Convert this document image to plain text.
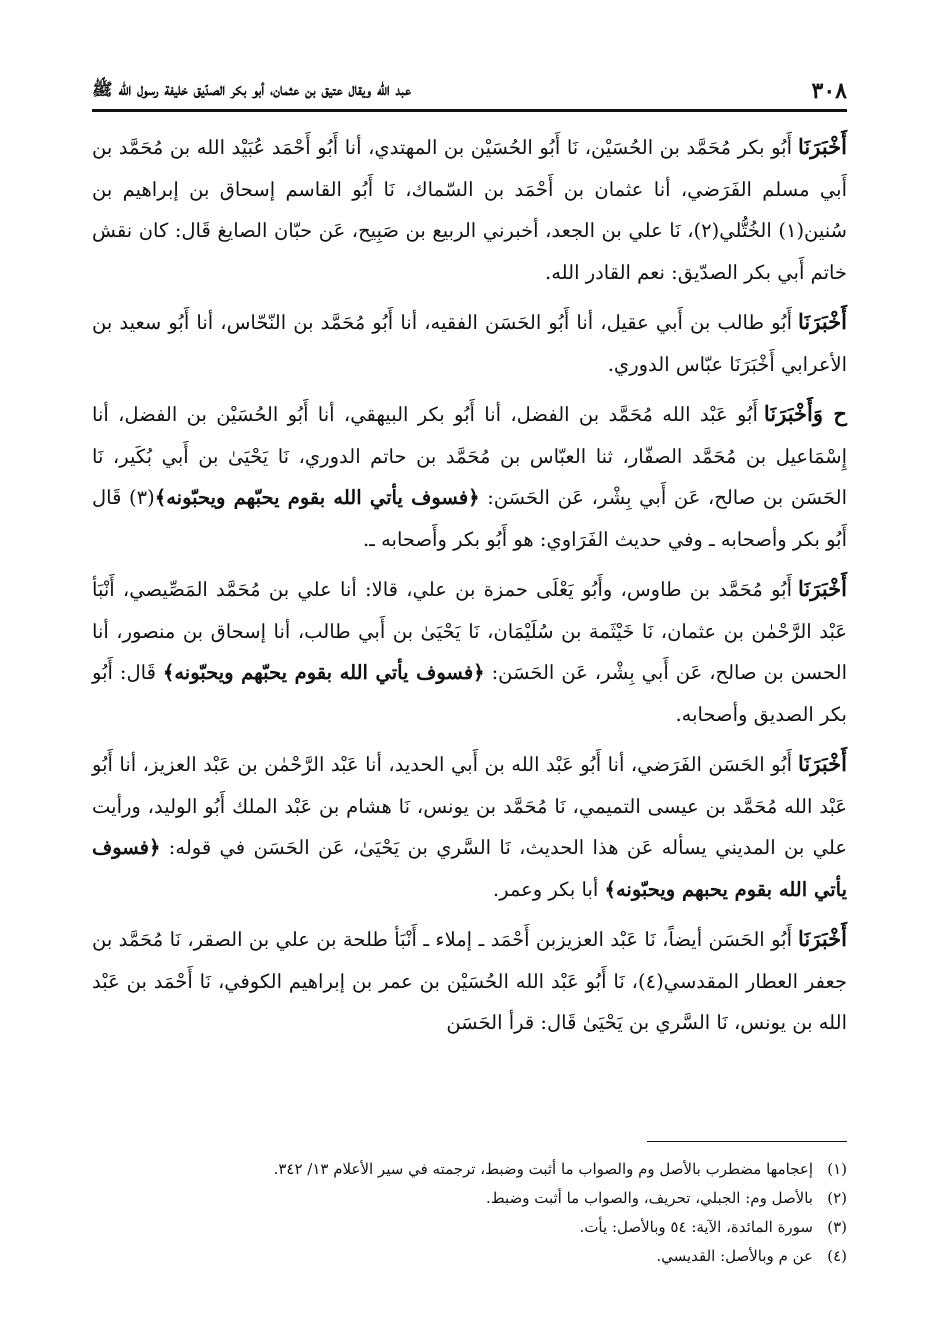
٣٠٨
عبد الله ويقال عتيق بن عثمان، أبو بكر الصدّيق خليفة رسول الله ﷺ

أَخْبَرَنَاأَبُو بكر مُحَمَّد بن الحُسَيْن، نَا أَبُو الحُسَيْن بن المهتدي، أنا أَبُو أَحْمَد عُبَيْد الله بن مُحَمَّد بن أَبي مسلم الفَرَضي، أنا عثمان بن أَحْمَد بن السّماك، نَا أَبُو القاسم إسحاق بن إبراهيم بن سُنين(١) الخُتُّلي(٢)، نَا علي بن الجعد، أخبرني الربيع بن صَبِيح، عَن حبّان الصايغ قَال: كان نقش خاتم أَبي بكر الصدّيق: نعم القادر الله.

أَخْبَرَنَاأَبُو طالب بن أَبي عقيل، أنا أَبُو الحَسَن الفقيه، أنا أَبُو مُحَمَّد بن النّحّاس، أنا أَبُو سعيد بن الأعرابي أَخْبَرَنَا عبّاس الدوري.

ح وَأَخْبَرَنَاأَبُو عَبْد الله مُحَمَّد بن الفضل، أنا أَبُو بكر البيهقي، أنا أَبُو الحُسَيْن بن الفضل، أنا إِسْمَاعيل بن مُحَمَّد الصفّار، ثنا العبّاس بن مُحَمَّد بن حاتم الدوري، نَا يَحْيَىٰ بن أَبي بُكَير، نَا الحَسَن بن صالح، عَن أَبي بِشْر، عَن الحَسَن: ﴿فسوف يأتي الله بقوم يحبّهم ويحبّونه﴾(٣) قَال أَبُو بكر وأصحابه ـ وفي حديث الفَرَاوي: هو أَبُو بكر وأَصحابه ـ.

أَخْبَرَنَاأَبُو مُحَمَّد بن طاوس، وأَبُو يَعْلَى حمزة بن علي، قالا: أنا علي بن مُحَمَّد المَصِّيصي، أَنْبَأ عَبْد الرَّحْمٰن بن عثمان، نَا خَيْثَمة بن سُلَيْمَان، نَا يَحْيَىٰ بن أَبي طالب، أنا إسحاق بن منصور، أنا الحسن بن صالح، عَن أَبي بِشْر، عَن الحَسَن: ﴿فسوف يأتي الله بقوم يحبّهم ويحبّونه﴾ قَال: أَبُو بكر الصديق وأصحابه.

أَخْبَرَنَاأَبُو الحَسَن الفَرَضي، أنا أَبُو عَبْد الله بن أَبي الحديد، أنا عَبْد الرَّحْمٰن بن عَبْد العزيز، أنا أَبُو عَبْد الله مُحَمَّد بن عيسى التميمي، نَا مُحَمَّد بن يونس، نَا هشام بن عَبْد الملك أَبُو الوليد، ورأيت علي بن المديني يسأله عَن هذا الحديث، نَا السَّري بن يَحْيَىٰ، عَن الحَسَن في قوله: ﴿فسوف يأتي الله بقوم يحبهم ويحبّونه﴾ أبا بكر وعمر.

أَخْبَرَنَاأَبُو الحَسَن أيضاً، نَا عَبْد العزيزبن أَحْمَد ـ إملاء ـ أَنْبَأ طلحة بن علي بن الصقر، نَا مُحَمَّد بن جعفر العطار المقدسي(٤)، نَا أَبُو عَبْد الله الحُسَيْن بن عمر بن إبراهيم الكوفي، نَا أَحْمَد بن عَبْد الله بن يونس، نَا السَّري بن يَحْيَىٰ قَال: قرأ الحَسَن

(١)
إعجامها مضطرب بالأصل وم والصواب ما أثبت وضبط، ترجمته في سير الأعلام ١٣/ ٣٤٢.
(٢)
بالأصل وم: الجبلي، تحريف، والصواب ما أثبت وضبط.
(٣)
سورة المائدة، الآية: ٥٤ وبالأصل: يأت.
(٤)
عن م وبالأصل: القديسي.
